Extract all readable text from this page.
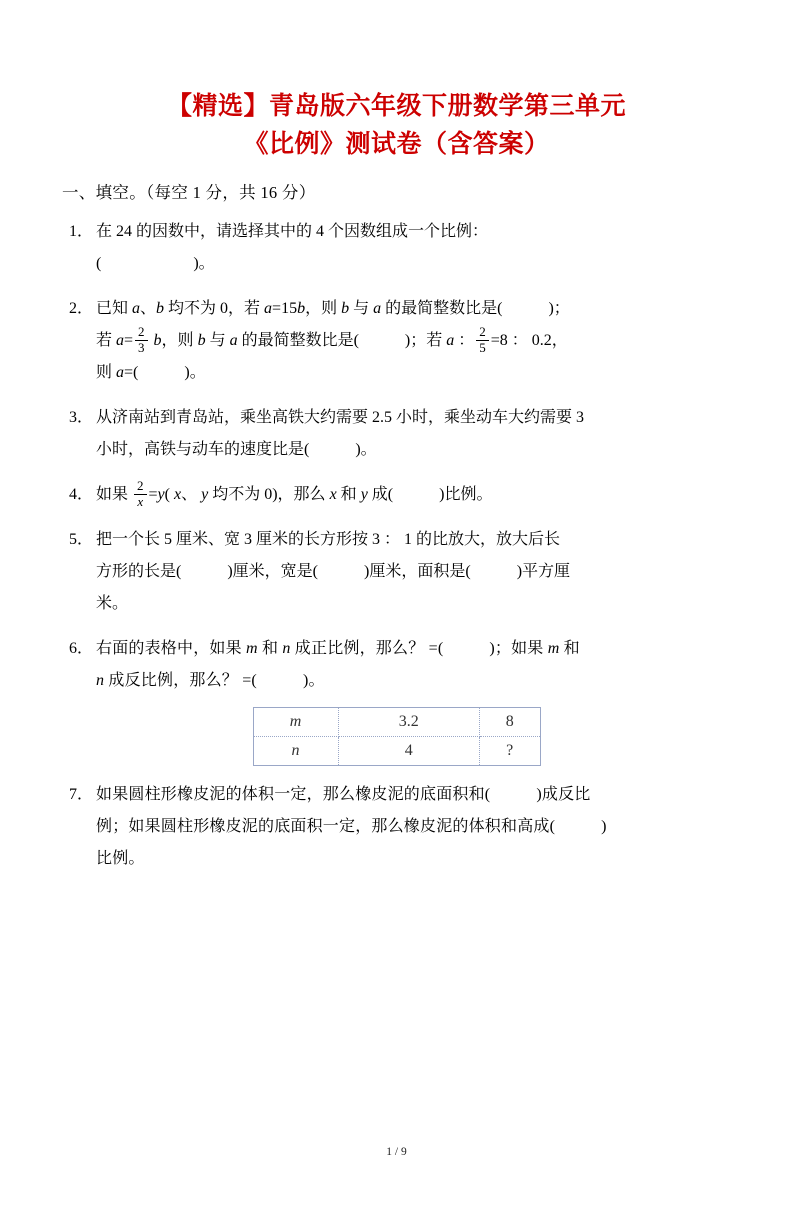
【精选】青岛版六年级下册数学第三单元
《比例》测试卷（含答案）
一、填空。（每空 1 分，共 16 分）
1． 在 24 的因数中，请选择其中的 4 个因数组成一个比例：
(	)。
2． 已知 a、b 均不为 0，若 a=15b，则 b 与 a 的最简整数比是(	)；
若 $a= \frac{2}{3}$ b，则 b 与 a 的最简整数比是(	)；若 a ： $\frac{2}{5} =8$ ： 0.2，
则 a=(	)。
3． 从济南站到青岛站，乘坐高铁大约需要 2.5 小时，乘坐动车大约需要 3
小时，高铁与动车的速度比是(	)。
4． 如果 $\frac{2}{x} =y$( x、 y 均不为 0)，那么 x 和 y 成(	)比例。
5． 把一个长 5 厘米、宽 3 厘米的长方形按 3 ： 1 的比放大，放大后长
方形的长是(	)厘米，宽是(	)厘米，面积是(	)平方厘
米。
6． 右面的表格中，如果 m 和 n 成正比例，那么？ =(	)；如果 m 和
n 成反比例，那么？ =(	)。
m	3.2	8
n	4	?
7． 如果圆柱形橡皮泥的体积一定，那么橡皮泥的底面积和(	)成反比
例；如果圆柱形橡皮泥的底面积一定，那么橡皮泥的体积和高成(	)
比例。
1 / 9
